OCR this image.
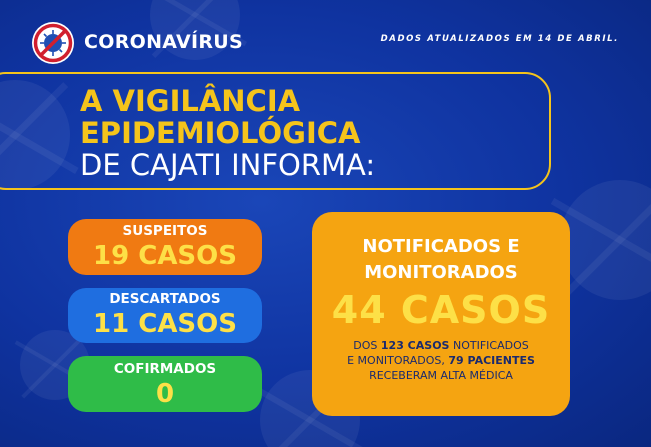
CORONAVÍRUS	DADOS ATUALIZADOS EM 14 DE ABRIL.
A VIGILÂNCIA
EPIDEMIOLÓGICA
DE CAJATI INFORMA:
SUSPEITOS
19 CASOS
DESCARTADOS
11 CASOS
COFIRMADOS
0
NOTIFICADOS E
MONITORADOS
44 CASOS
DOS 123 CASOS NOTIFICADOS
E MONITORADOS, 79 PACIENTES
RECEBERAM ALTA MÉDICA
